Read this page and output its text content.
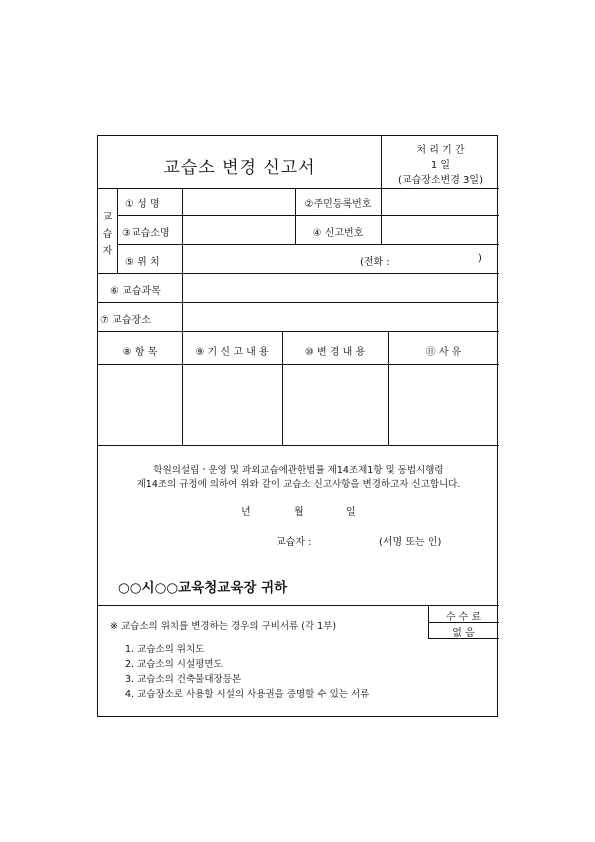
교습소 변경 신고서
처 리 기 간
1 일
(교습장소변경 3일)
교
습
자
① 성 명	②주민등록번호
③교습소명	④ 신고번호
⑤ 위 치	(전화 :	)
⑥ 교습과목
⑦ 교습장소
⑧ 항 목	⑨ 기 신 고 내 용	⑩ 변 경 내 용	⑪ 사 유
학원의설립ㆍ운영 및 과외교습에관한법률 제14조제1항 및 동법시행령
제14조의 규정에 의하여 위와 같이 교습소 신고사항을 변경하고자 신고합니다.
년	월	일
교습자 :	(서명 또는 인)
○○시○○교육청교육장 귀하
※ 교습소의 위치를 변경하는 경우의 구비서류 (각 1부)
수 수 료
없 음
1. 교습소의 위치도
2. 교습소의 시설평면도
3. 교습소의 건축물대장등본
4. 교습장소로 사용할 시설의 사용권을 증명할 수 있는 서류
